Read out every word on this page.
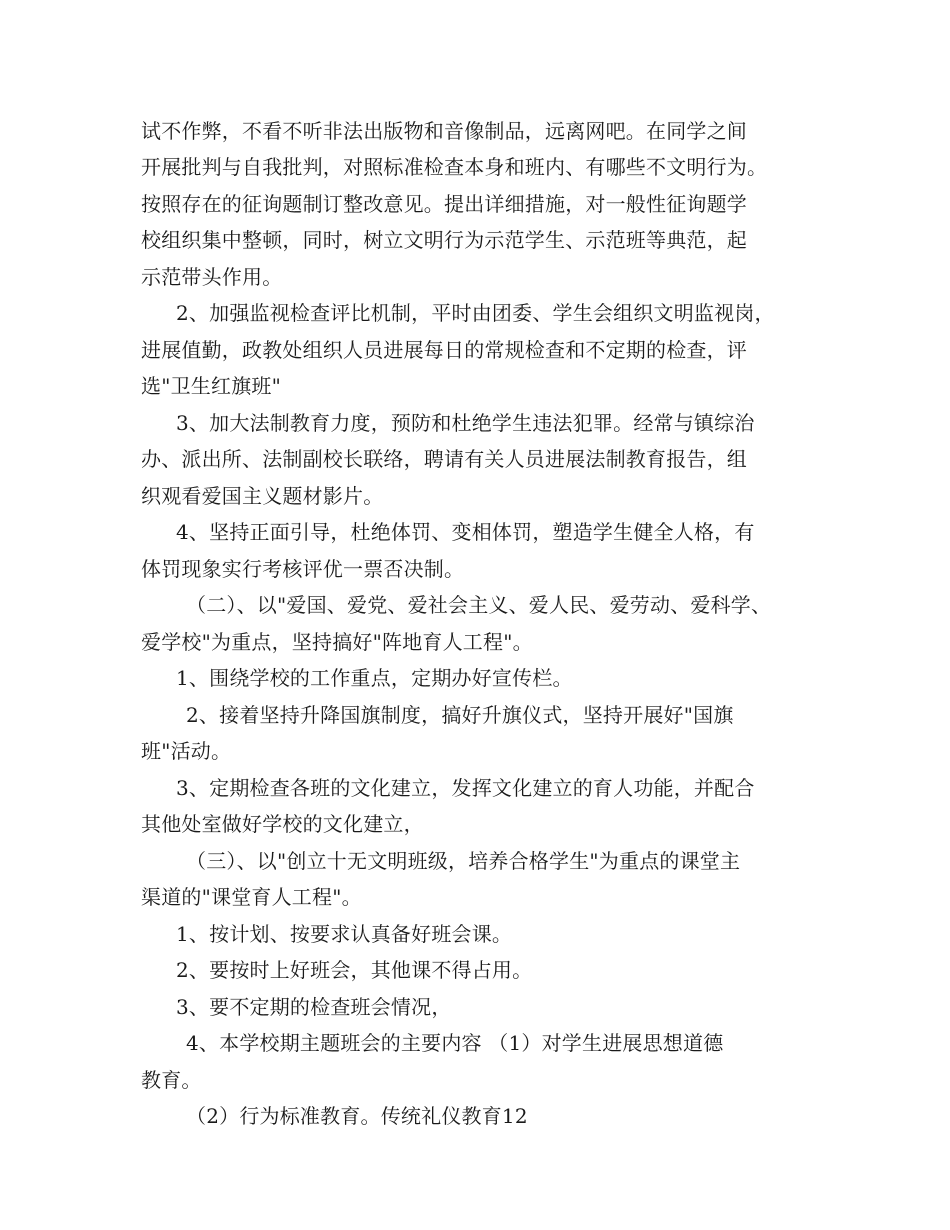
试不作弊，不看不听非法出版物和音像制品，远离网吧。在同学之间
开展批判与自我批判，对照标准检查本身和班内、有哪些不文明行为。
按照存在的征询题制订整改意见。提出详细措施，对一般性征询题学
校组织集中整顿，同时，树立文明行为示范学生、示范班等典范，起
示范带头作用。
2、加强监视检查评比机制，平时由团委、学生会组织文明监视岗，
进展值勤，政教处组织人员进展每日的常规检查和不定期的检查，评
选"卫生红旗班"
3、加大法制教育力度，预防和杜绝学生违法犯罪。经常与镇综治
办、派出所、法制副校长联络，聘请有关人员进展法制教育报告，组
织观看爱国主义题材影片。
4、坚持正面引导，杜绝体罚、变相体罚，塑造学生健全人格，有
体罚现象实行考核评优一票否决制。
（二）、以"爱国、爱党、爱社会主义、爱人民、爱劳动、爱科学、
爱学校"为重点，坚持搞好"阵地育人工程"。
1、围绕学校的工作重点，定期办好宣传栏。
2、接着坚持升降国旗制度，搞好升旗仪式，坚持开展好"国旗
班"活动。
3、定期检查各班的文化建立，发挥文化建立的育人功能，并配合
其他处室做好学校的文化建立，
（三）、以"创立十无文明班级，培养合格学生"为重点的课堂主
渠道的"课堂育人工程"。
1、按计划、按要求认真备好班会课。
2、要按时上好班会，其他课不得占用。
3、要不定期的检查班会情况，
4、本学校期主题班会的主要内容 （1）对学生进展思想道德
教育。
（2）行为标准教育。传统礼仪教育12
